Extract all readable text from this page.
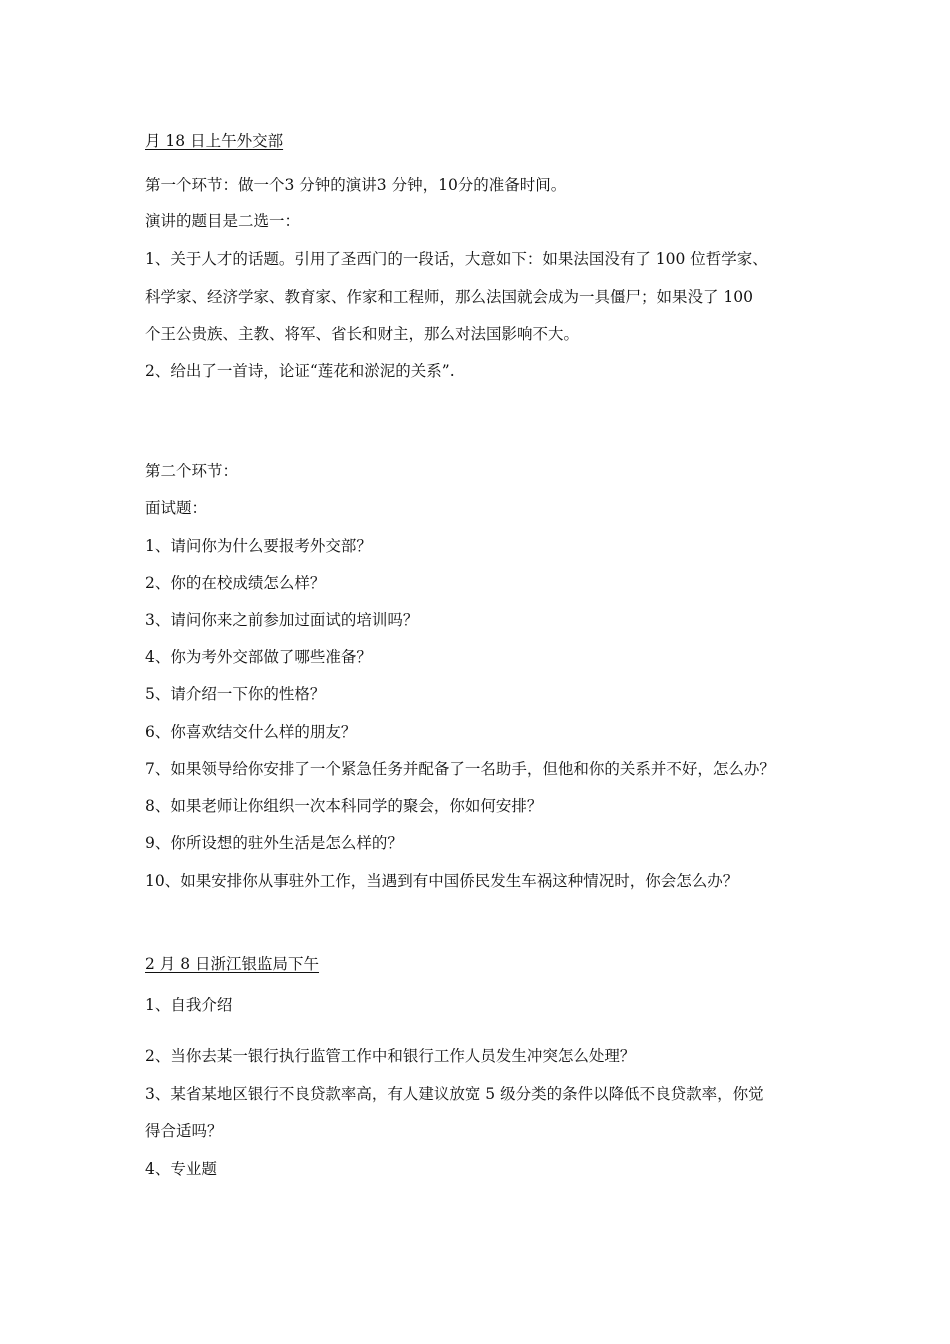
月 18 日上午外交部
第一个环节：做一个3 分钟的演讲3 分钟，10分的准备时间。
演讲的题目是二选一：
1、关于人才的话题。引用了圣西门的一段话，大意如下：如果法国没有了 100 位哲学家、
科学家、经济学家、教育家、作家和工程师，那么法国就会成为一具僵尸；如果没了 100
个王公贵族、主教、将军、省长和财主，那么对法国影响不大。
2、给出了一首诗，论证“莲花和淤泥的关系”.
第二个环节：
面试题：
1、请问你为什么要报考外交部？
2、你的在校成绩怎么样？
3、请问你来之前参加过面试的培训吗？
4、你为考外交部做了哪些准备？
5、请介绍一下你的性格？
6、你喜欢结交什么样的朋友？
7、如果领导给你安排了一个紧急任务并配备了一名助手，但他和你的关系并不好，怎么办？
8、如果老师让你组织一次本科同学的聚会，你如何安排？
9、你所设想的驻外生活是怎么样的？
10、如果安排你从事驻外工作，当遇到有中国侨民发生车祸这种情况时，你会怎么办？
2 月 8 日浙江银监局下午
1、自我介绍
2、当你去某一银行执行监管工作中和银行工作人员发生冲突怎么处理？
3、某省某地区银行不良贷款率高，有人建议放宽 5 级分类的条件以降低不良贷款率，你觉
得合适吗？
4、专业题
